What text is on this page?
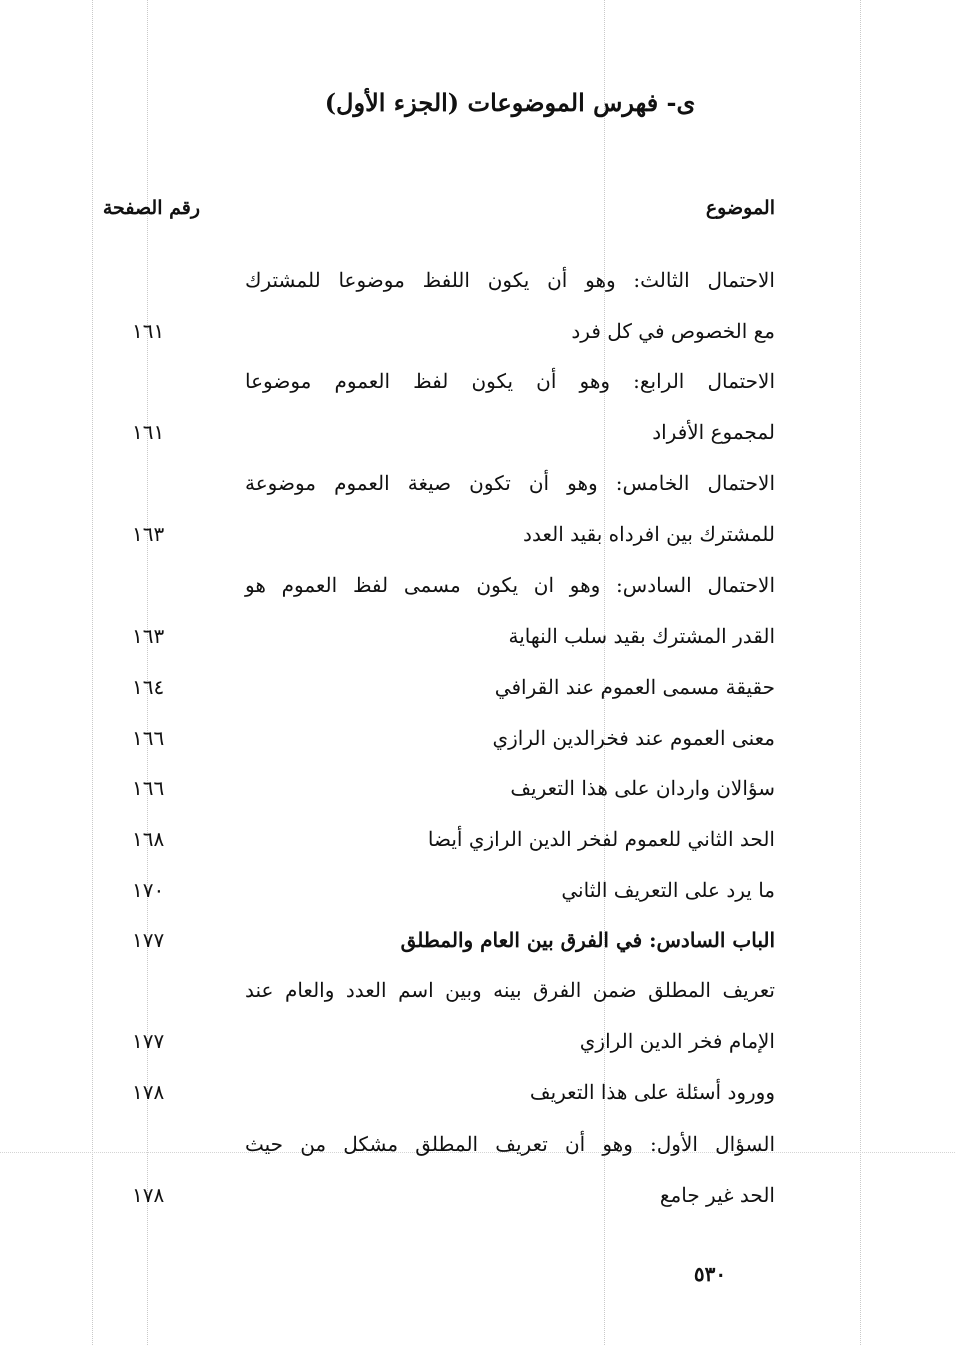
ى- فهرس الموضوعات (الجزء الأول)
الموضوع
رقم الصفحة
الاحتمال الثالث: وهو أن يكون اللفظ موضوعا للمشترك
مع الخصوص في كل فرد
١٦١
الاحتمال الرابع: وهو أن يكون لفظ العموم موضوعا
لمجموع الأفراد
١٦١
الاحتمال الخامس: وهو أن تكون صيغة العموم موضوعة
للمشترك بين افرداه بقيد العدد
١٦٣
الاحتمال السادس: وهو ان يكون مسمى لفظ العموم هو
القدر المشترك بقيد سلب النهاية
١٦٣
حقيقة مسمى العموم عند القرافي
١٦٤
معنى العموم عند فخرالدين الرازي
١٦٦
سؤالان واردان على هذا التعريف
١٦٦
الحد الثاني للعموم لفخر الدين الرازي أيضا
١٦٨
ما يرد على التعريف الثاني
١٧٠
الباب السادس: في الفرق بين العام والمطلق
١٧٧
تعريف المطلق ضمن الفرق بينه وبين اسم العدد والعام عند
الإمام فخر الدين الرازي
١٧٧
وورود أسئلة على هذا التعريف
١٧٨
السؤال الأول: وهو أن تعريف المطلق مشكل من حيث
الحد غير جامع
١٧٨
٥٣٠
